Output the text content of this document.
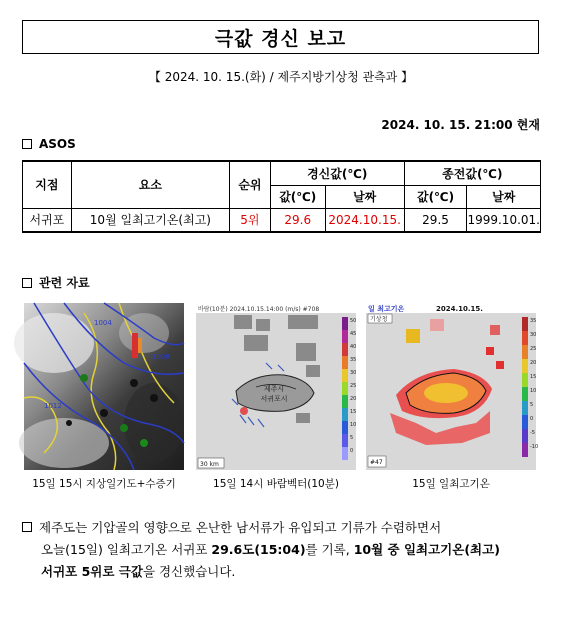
극값 경신 보고
【 2024. 10. 15.(화) / 제주지방기상청 관측과 】
2024. 10. 15. 21:00 현재
ASOS
지점	요소	순위	경신값(℃)		종전값(℃)	
			값(℃)	날짜	값(℃)	날짜
서귀포	10월 일최고기온(최고)	5위	29.6	2024.10.15.	29.5	1999.10.01.
관련 자료
1004
1008
1012
15일 15시 지상일기도+수증기
바람(10분) 2024.10.15.14:00 (m/s) #708
제주시
서귀포시
30 km
50
45
40
35
30
25
20
15
10
5
0
15일 14시 바람벡터(10분)
일 최고기온	2024.10.15.
기상청
#47
35
30
25
20
15
10
5
0
-5
-10
15일 일최고기온
제주도는 기압골의 영향으로 온난한 남서류가 유입되고 기류가 수렴하면서
오늘(15일) 일최고기온 서귀포 29.6도(15:04)를 기록, 10월 중 일최고기온(최고)
서귀포 5위로 극값을 경신했습니다.
